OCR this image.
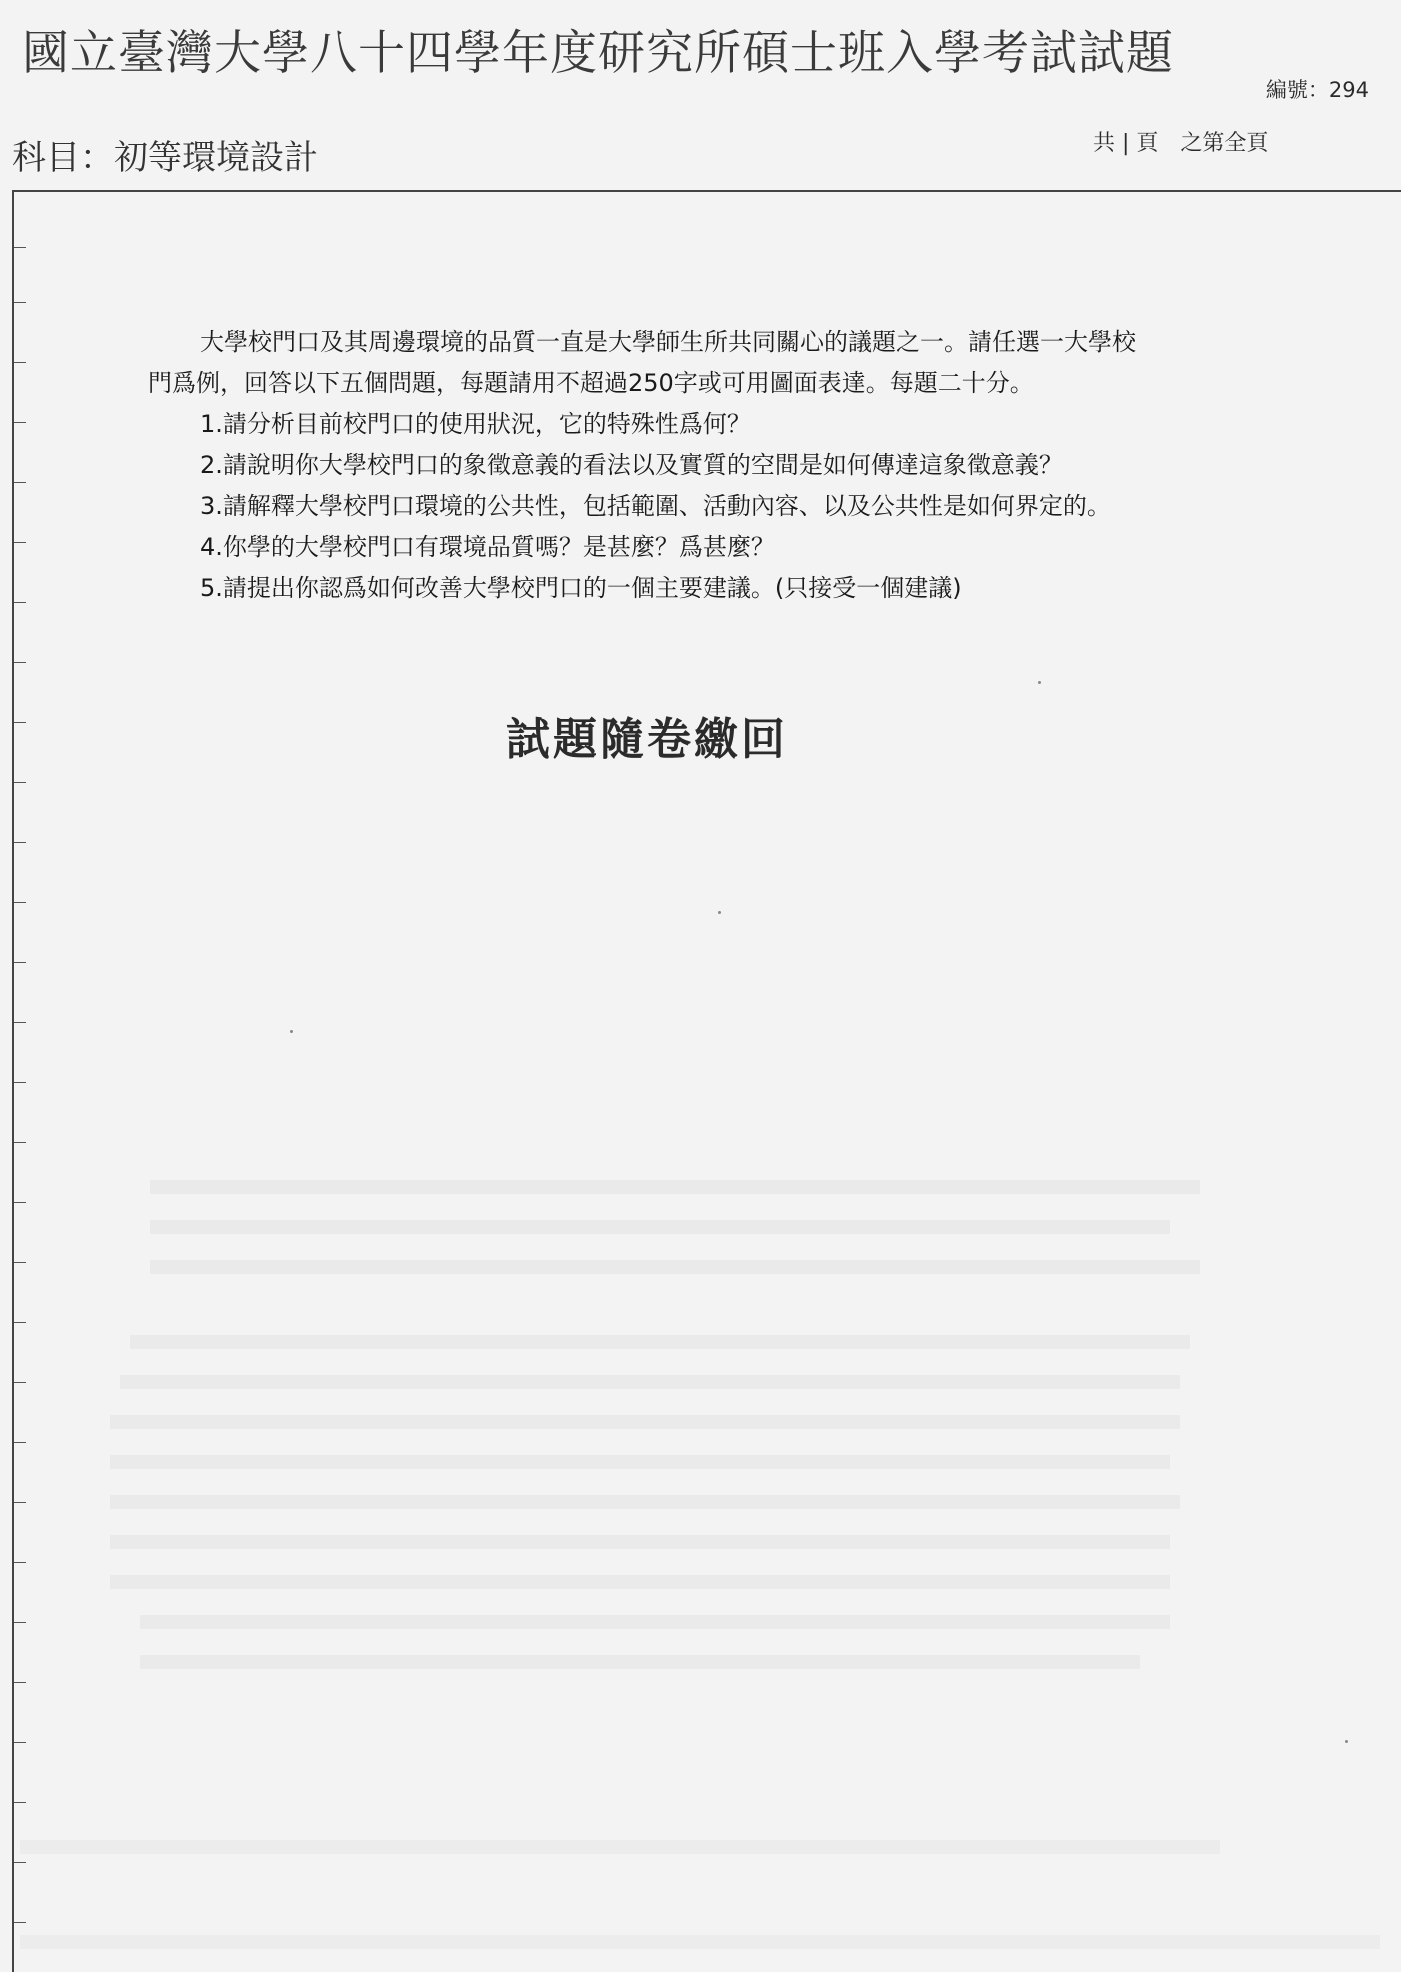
國立臺灣大學八十四學年度研究所碩士班入學考試試題
編號：294
科目：初等環境設計	共 | 頁　之第全頁
大學校門口及其周邊環境的品質一直是大學師生所共同關心的議題之一。請任選一大學校
門爲例，回答以下五個問題，每題請用不超過250字或可用圖面表達。每題二十分。
1.請分析目前校門口的使用狀況，它的特殊性爲何？
2.請說明你大學校門口的象徵意義的看法以及實質的空間是如何傳達這象徵意義？
3.請解釋大學校門口環境的公共性，包括範圍、活動內容、以及公共性是如何界定的。
4.你學的大學校門口有環境品質嗎？是甚麼？爲甚麼？
5.請提出你認爲如何改善大學校門口的一個主要建議。(只接受一個建議)
試題隨卷繳回
